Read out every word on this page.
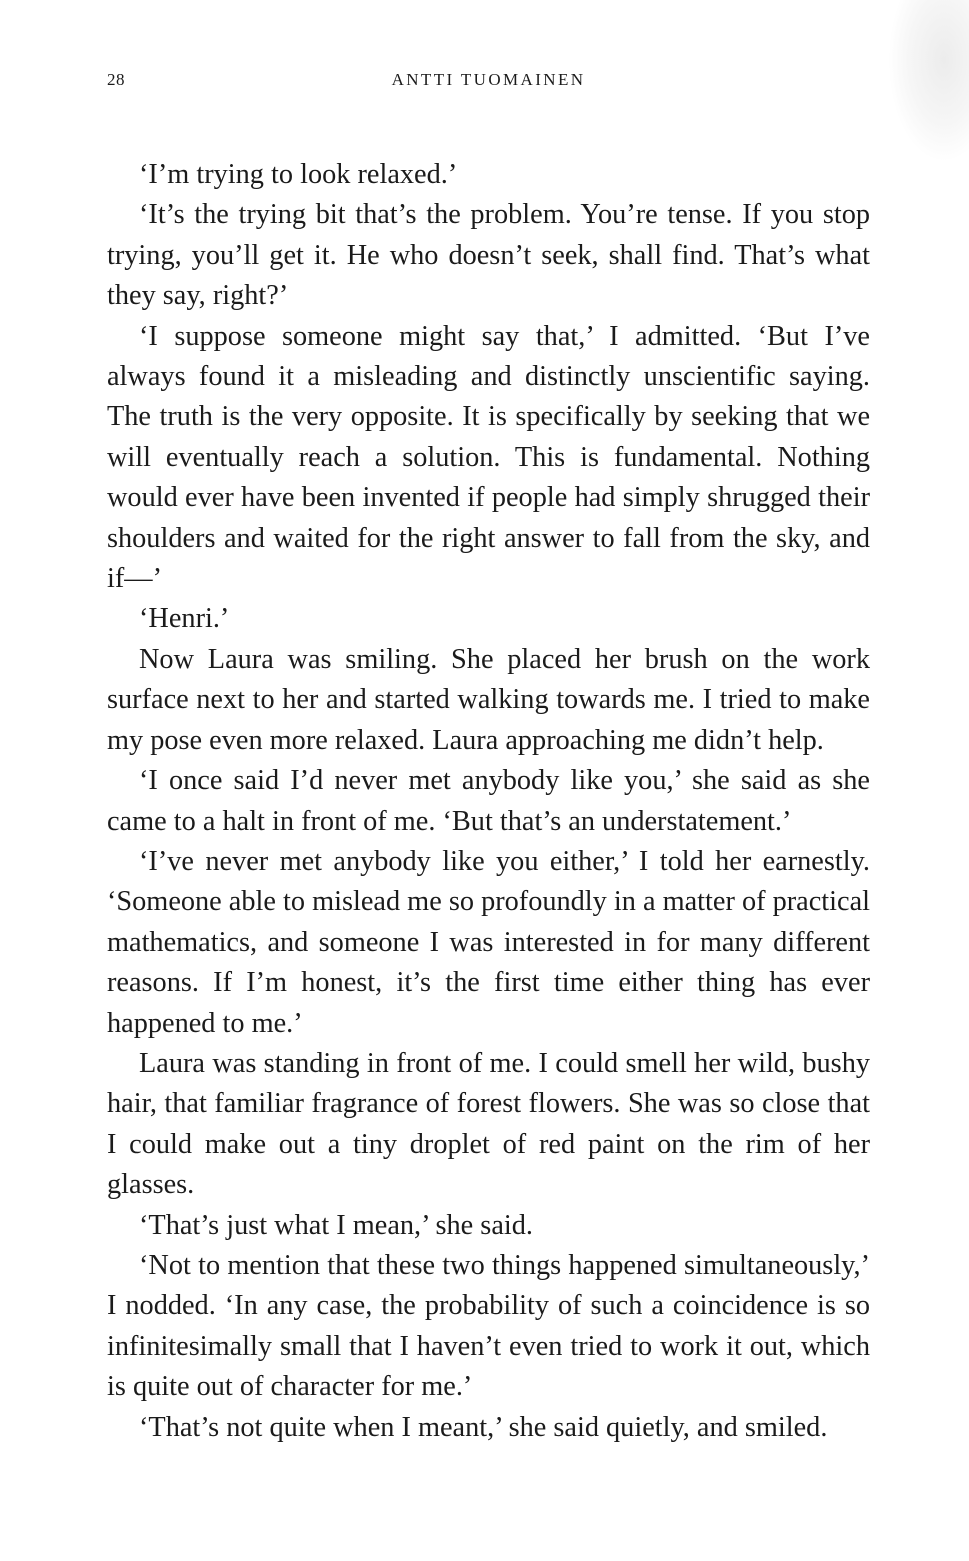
28	ANTTI TUOMAINEN

‘I’m trying to look relaxed.’

‘It’s the trying bit that’s the problem. You’re tense. If you stop trying, you’ll get it. He who doesn’t seek, shall find. That’s what they say, right?’

‘I suppose someone might say that,’ I admitted. ‘But I’ve always found it a misleading and distinctly unscientific saying. The truth is the very opposite. It is specifically by seeking that we will eventually reach a solution. This is fundamental. Nothing would ever have been invented if people had simply shrugged their shoulders and waited for the right answer to fall from the sky, and if—’

‘Henri.’

Now Laura was smiling. She placed her brush on the work surface next to her and started walking towards me. I tried to make my pose even more relaxed. Laura approaching me didn’t help.

‘I once said I’d never met anybody like you,’ she said as she came to a halt in front of me. ‘But that’s an understatement.’

‘I’ve never met anybody like you either,’ I told her earnestly. ‘Someone able to mislead me so profoundly in a matter of practical mathematics, and someone I was interested in for many different reasons. If I’m honest, it’s the first time either thing has ever happened to me.’

Laura was standing in front of me. I could smell her wild, bushy hair, that familiar fragrance of forest flowers. She was so close that I could make out a tiny droplet of red paint on the rim of her glasses.

‘That’s just what I mean,’ she said.

‘Not to mention that these two things happened simultaneously,’ I nodded. ‘In any case, the probability of such a coincidence is so infinitesimally small that I haven’t even tried to work it out, which is quite out of character for me.’

‘That’s not quite when I meant,’ she said quietly, and smiled.
